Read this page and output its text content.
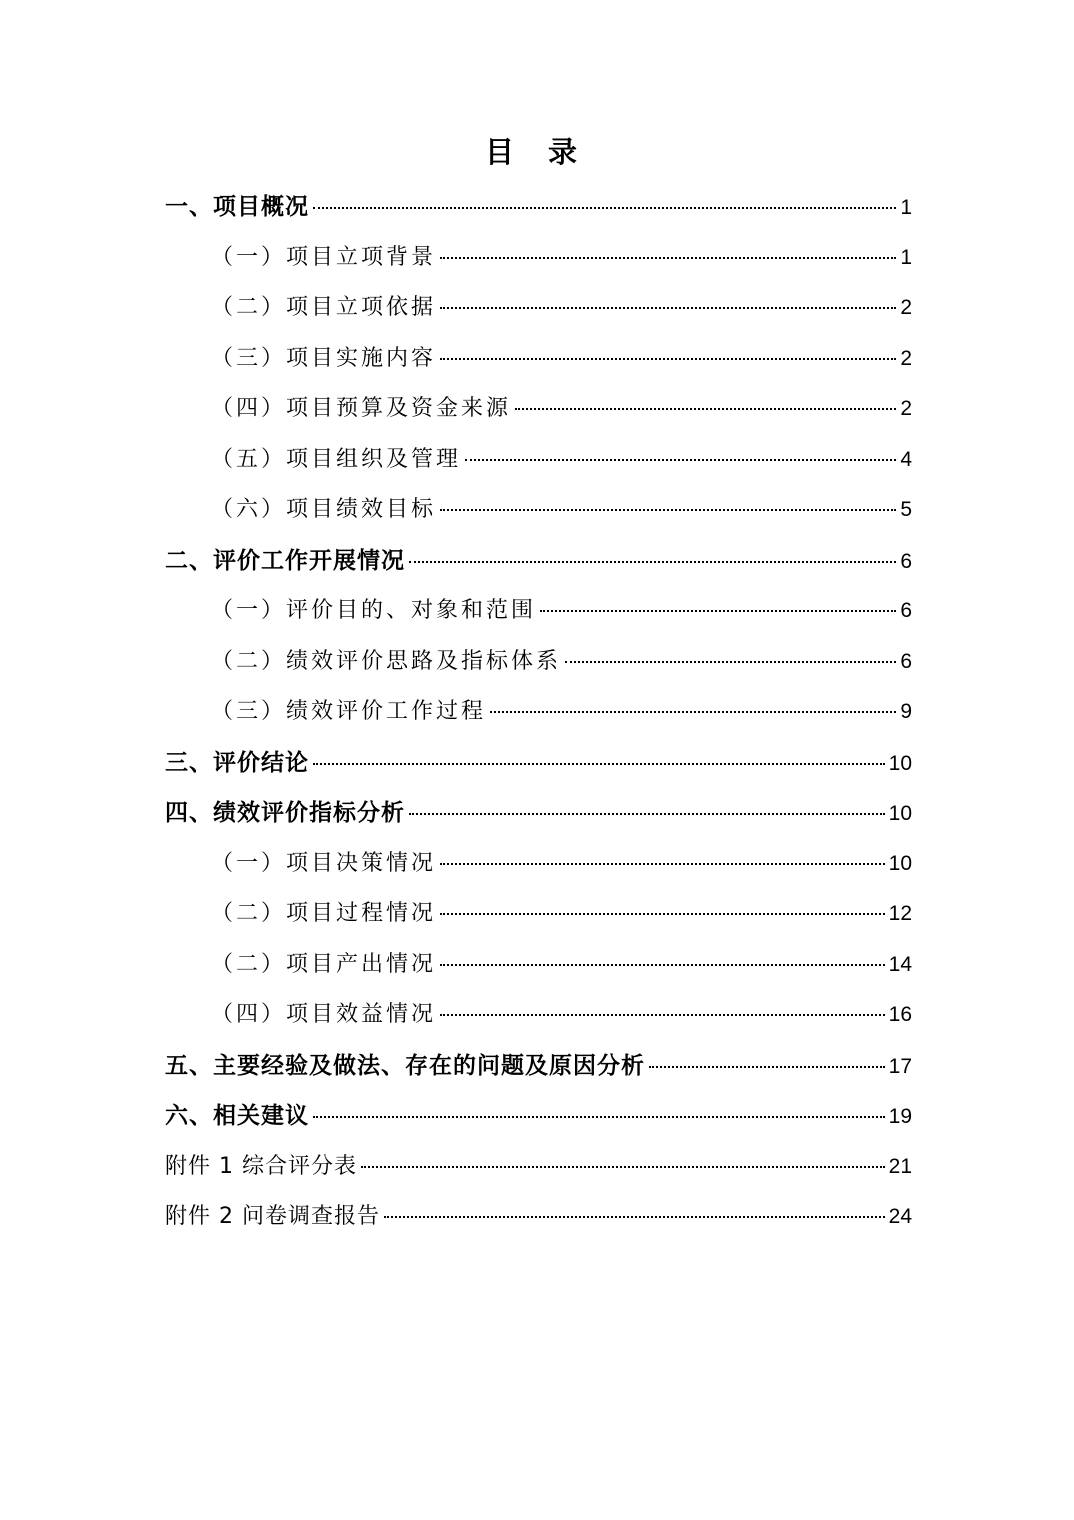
目 录
一、项目概况	1
（一）项目立项背景	1
（二）项目立项依据	2
（三）项目实施内容	2
（四）项目预算及资金来源	2
（五）项目组织及管理	4
（六）项目绩效目标	5
二、评价工作开展情况	6
（一）评价目的、对象和范围	6
（二）绩效评价思路及指标体系	6
（三）绩效评价工作过程	9
三、评价结论	10
四、绩效评价指标分析	10
（一）项目决策情况	10
（二）项目过程情况	12
（二）项目产出情况	14
（四）项目效益情况	16
五、主要经验及做法、存在的问题及原因分析	17
六、相关建议	19
附件 1 综合评分表	21
附件 2 问卷调查报告	24
